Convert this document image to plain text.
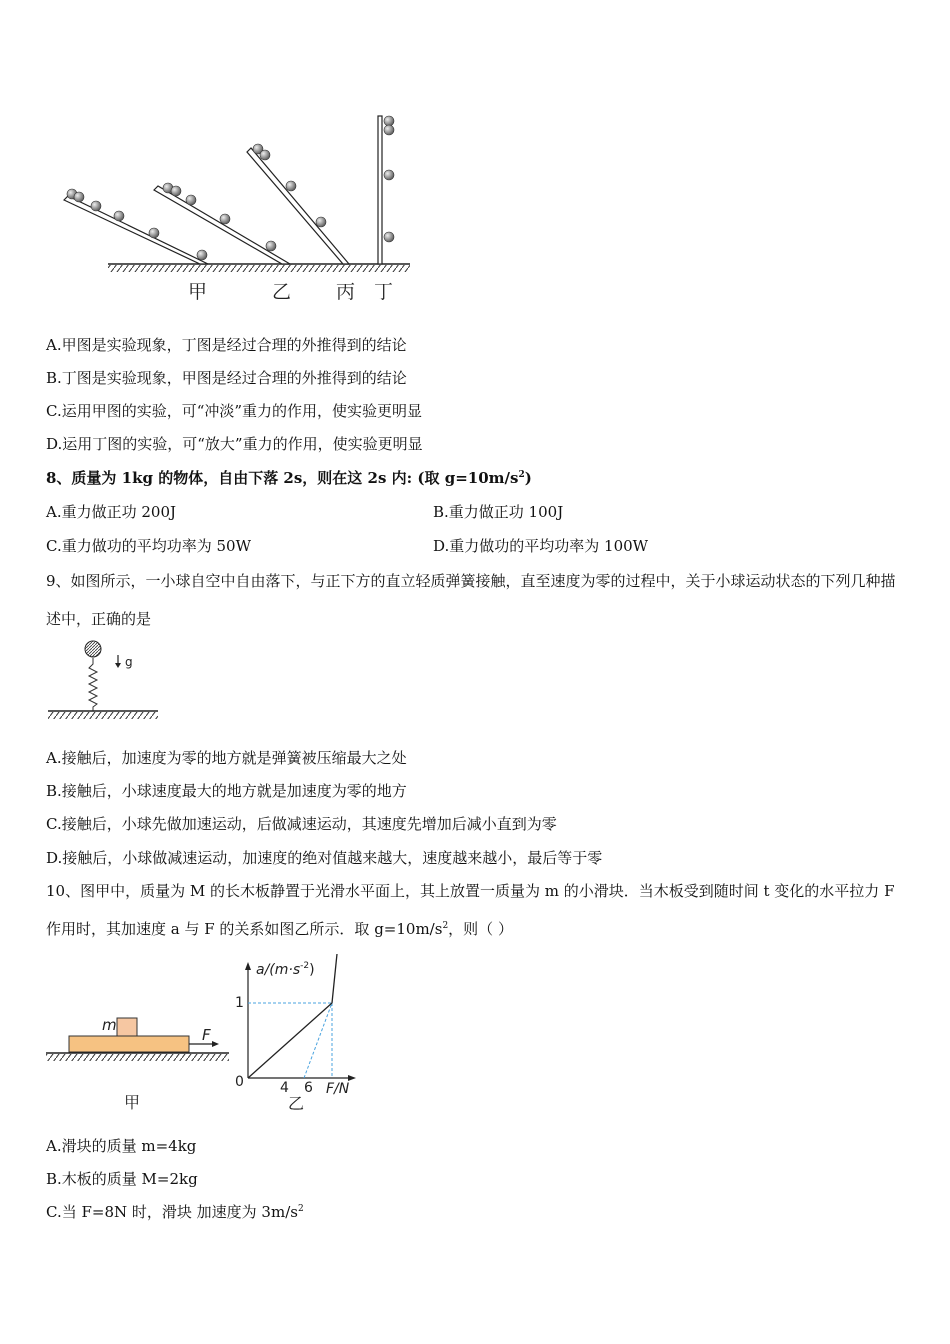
甲	乙 丙 丁
A.甲图是实验现象，丁图是经过合理的外推得到的结论
B.丁图是实验现象，甲图是经过合理的外推得到的结论
C.运用甲图的实验，可“冲淡”重力的作用，使实验更明显
D.运用丁图的实验，可“放大”重力的作用，使实验更明显
8、质量为 1kg 的物体，自由下落 2s，则在这 2s 内: (取 $g=10m/s^2$)
A.重力做正功 200J	B.重力做正功 100J
C.重力做功的平均功率为 50W	D.重力做功的平均功率为 100W
9、如图所示，一小球自空中自由落下，与正下方的直立轻质弹簧接触，直至速度为零的过程中，关于小球运动状态的下列几种描述中，正确的是
g
A.接触后，加速度为零的地方就是弹簧被压缩最大之处
B.接触后，小球速度最大的地方就是加速度为零的地方
C.接触后，小球先做加速运动，后做减速运动，其速度先增加后减小直到为零
D.接触后，小球做减速运动，加速度的绝对值越来越大，速度越来越小，最后等于零
10、图甲中，质量为 M 的长木板静置于光滑水平面上，其上放置一质量为 m 的小滑块．当木板受到随时间 t 变化的水平拉力 F 作用时，其加速度 a 与 F 的关系如图乙所示．取 $g=10m/s^2$，则（ ）
m
F
甲
$a/(m\cdot s^{-2})$
F/N
0
1
4 6
乙
A.滑块的质量 m=4kg
B.木板的质量 M=2kg
C.当 F=8N 时，滑块 加速度为 $3m/s^2$
